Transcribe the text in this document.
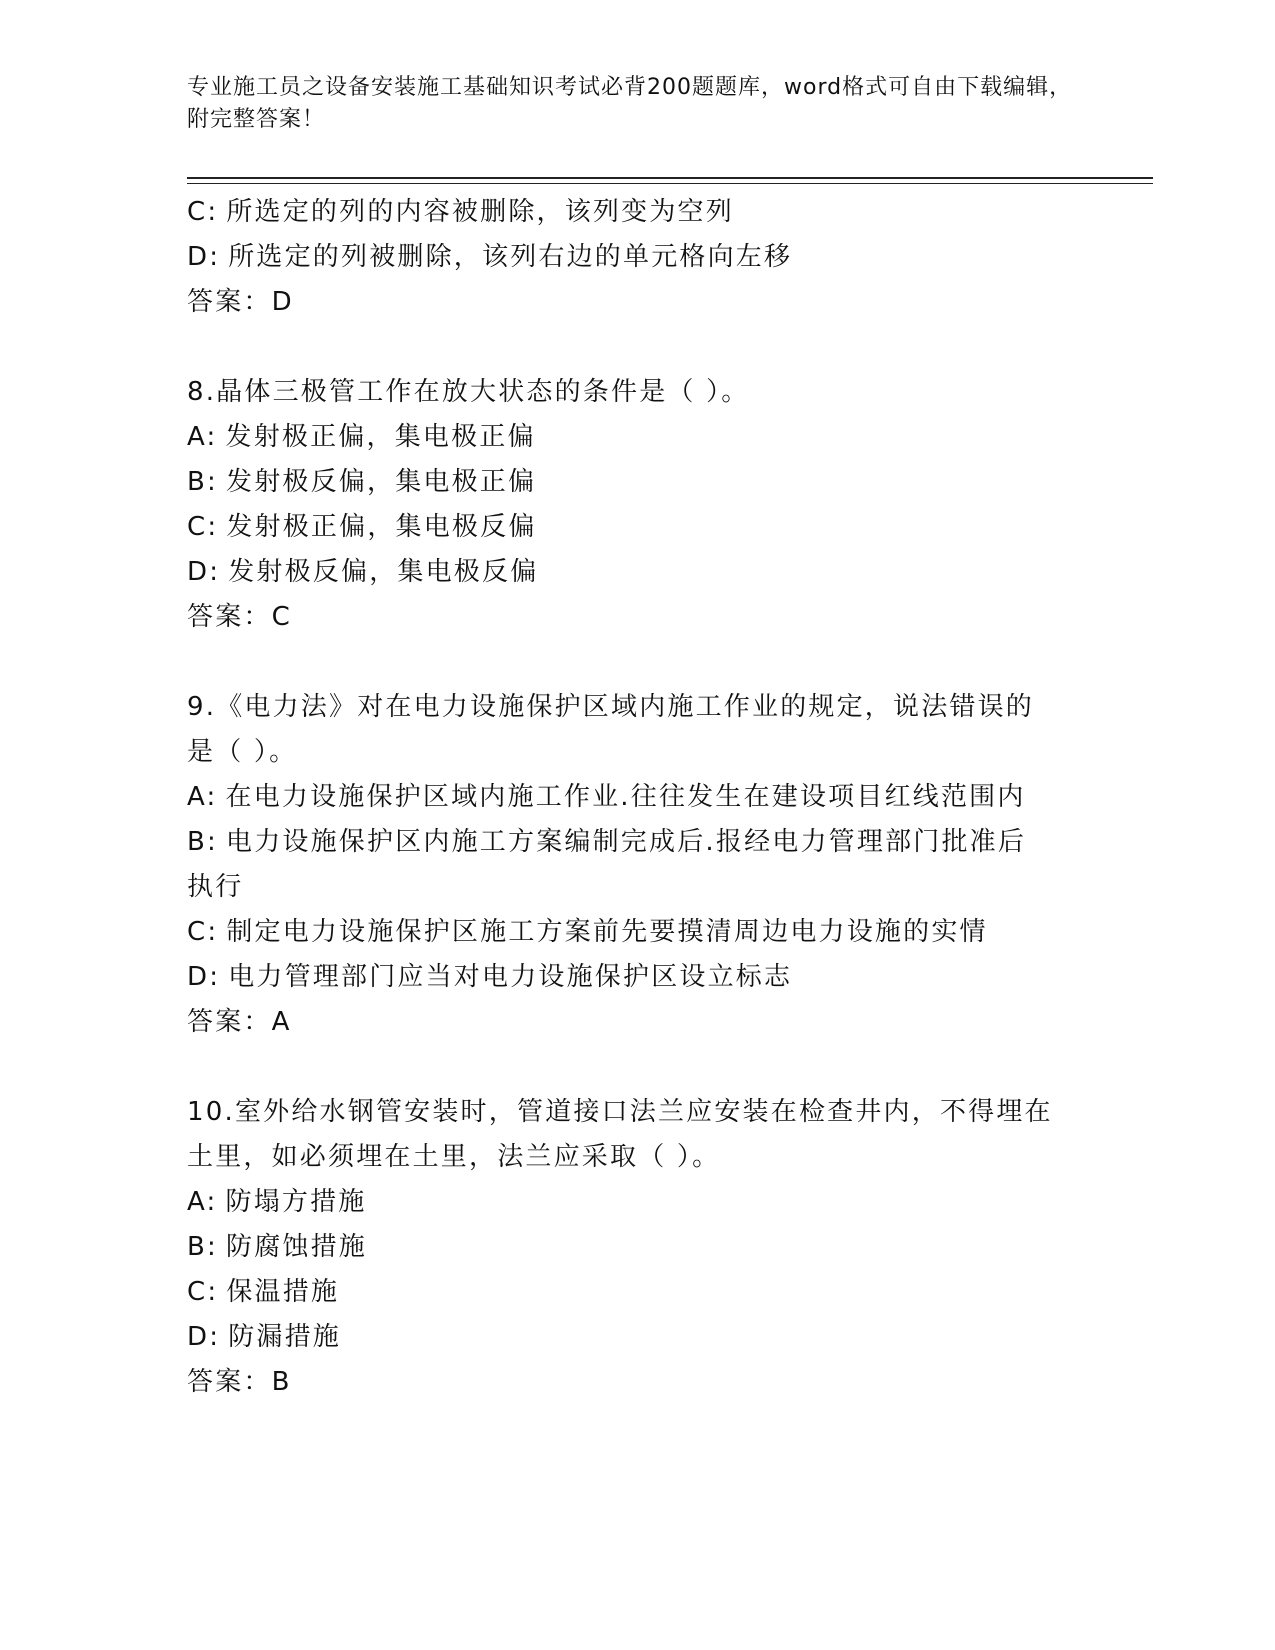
专业施工员之设备安装施工基础知识考试必背200题题库，word格式可自由下载编辑，附完整答案！
C: 所选定的列的内容被删除，该列变为空列
D: 所选定的列被删除，该列右边的单元格向左移
答案：D
8.晶体三极管工作在放大状态的条件是（ ）。
A: 发射极正偏，集电极正偏
B: 发射极反偏，集电极正偏
C: 发射极正偏，集电极反偏
D: 发射极反偏，集电极反偏
答案：C
9.《电力法》对在电力设施保护区域内施工作业的规定，说法错误的
是（ ）。
A: 在电力设施保护区域内施工作业.往往发生在建设项目红线范围内
B: 电力设施保护区内施工方案编制完成后.报经电力管理部门批准后
执行
C: 制定电力设施保护区施工方案前先要摸清周边电力设施的实情
D: 电力管理部门应当对电力设施保护区设立标志
答案：A
10.室外给水钢管安装时，管道接口法兰应安装在检查井内，不得埋在
土里，如必须埋在土里，法兰应采取（ ）。
A: 防塌方措施
B: 防腐蚀措施
C: 保温措施
D: 防漏措施
答案：B
